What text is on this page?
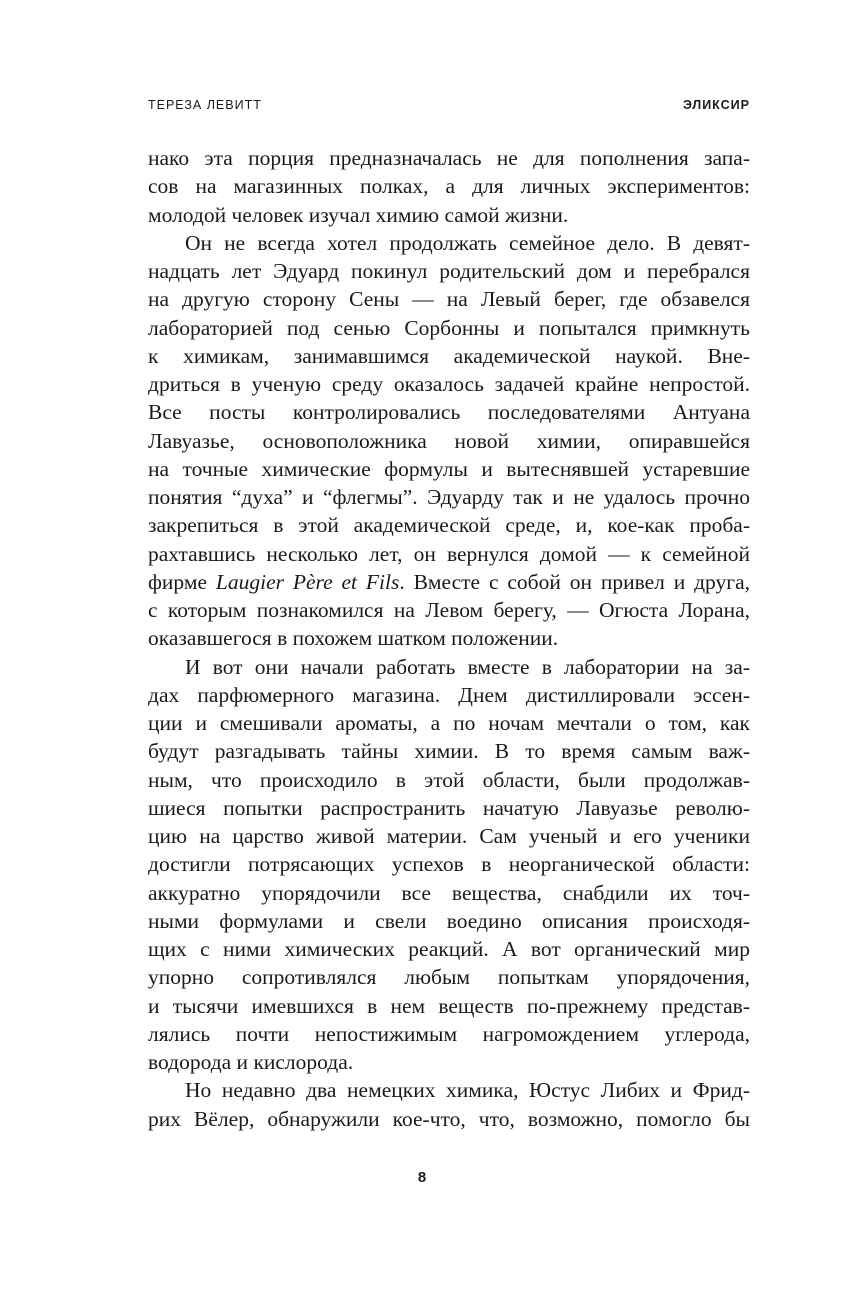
ТЕРЕЗА ЛЕВИТТ	ЭЛИКСИР
нако эта порция предназначалась не для пополнения запа-
сов на магазинных полках, а для личных экспериментов:
молодой человек изучал химию самой жизни.
Он не всегда хотел продолжать семейное дело. В девят-
надцать лет Эдуард покинул родительский дом и перебрался
на другую сторону Сены — на Левый берег, где обзавелся
лабораторией под сенью Сорбонны и попытался примкнуть
к химикам, занимавшимся академической наукой. Вне-
дриться в ученую среду оказалось задачей крайне непростой.
Все посты контролировались последователями Антуана
Лавуазье, основоположника новой химии, опиравшейся
на точные химические формулы и вытеснявшей устаревшие
понятия “духа” и “флегмы”. Эдуарду так и не удалось прочно
закрепиться в этой академической среде, и, кое-как проба-
рахтавшись несколько лет, он вернулся домой — к семейной
фирме Laugier Père et Fils. Вместе с собой он привел и друга,
с которым познакомился на Левом берегу, — Огюста Лорана,
оказавшегося в похожем шатком положении.
И вот они начали работать вместе в лаборатории на за-
дах парфюмерного магазина. Днем дистиллировали эссен-
ции и смешивали ароматы, а по ночам мечтали о том, как
будут разгадывать тайны химии. В то время самым важ-
ным, что происходило в этой области, были продолжав-
шиеся попытки распространить начатую Лавуазье револю-
цию на царство живой материи. Сам ученый и его ученики
достигли потрясающих успехов в неорганической области:
аккуратно упорядочили все вещества, снабдили их точ-
ными формулами и свели воедино описания происходя-
щих с ними химических реакций. А вот органический мир
упорно сопротивлялся любым попыткам упорядочения,
и тысячи имевшихся в нем веществ по-прежнему представ-
лялись почти непостижимым нагромождением углерода,
водорода и кислорода.
Но недавно два немецких химика, Юстус Либих и Фрид-
рих Вёлер, обнаружили кое-что, что, возможно, помогло бы
8
